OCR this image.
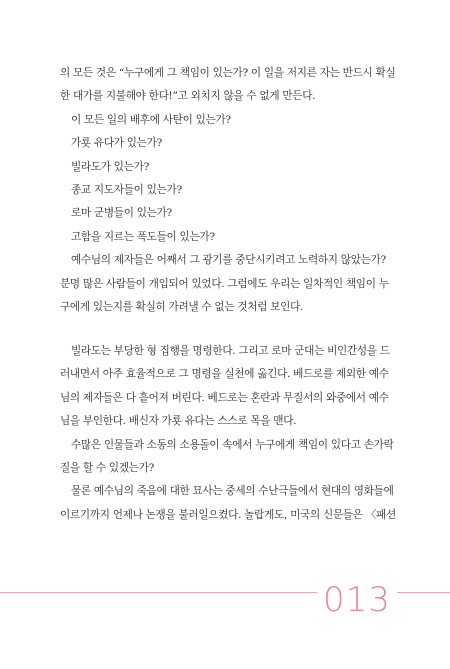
의 모든 것은 “누구에게 그 책임이 있는가? 이 일을 저지른 자는 반드시 확실
한 대가를 지불해야 한다!”고 외치지 않을 수 없게 만든다.
이 모든 일의 배후에 사탄이 있는가?
가룟 유다가 있는가?
빌라도가 있는가?
종교 지도자들이 있는가?
로마 군병들이 있는가?
고함을 지르는 폭도들이 있는가?
예수님의 제자들은 어째서 그 광기를 중단시키려고 노력하지 않았는가?
분명 많은 사람들이 개입되어 있었다. 그럼에도 우리는 일차적인 책임이 누
구에게 있는지를 확실히 가려낼 수 없는 것처럼 보인다.
빌라도는 부당한 형 집행을 명령한다. 그리고 로마 군대는 비인간성을 드
러내면서 아주 효율적으로 그 명령을 실천에 옮긴다. 베드로를 제외한 예수
님의 제자들은 다 흩어져 버린다. 베드로는 혼란과 무질서의 와중에서 예수
님을 부인한다. 배신자 가룟 유다는 스스로 목을 맨다.
수많은 인물들과 소동의 소용돌이 속에서 누구에게 책임이 있다고 손가락
질을 할 수 있겠는가?
물론 예수님의 죽음에 대한 묘사는 중세의 수난극들에서 현대의 영화들에
이르기까지 언제나 논쟁을 불러일으켰다. 놀랍게도, 미국의 신문들은 〈패션
013
